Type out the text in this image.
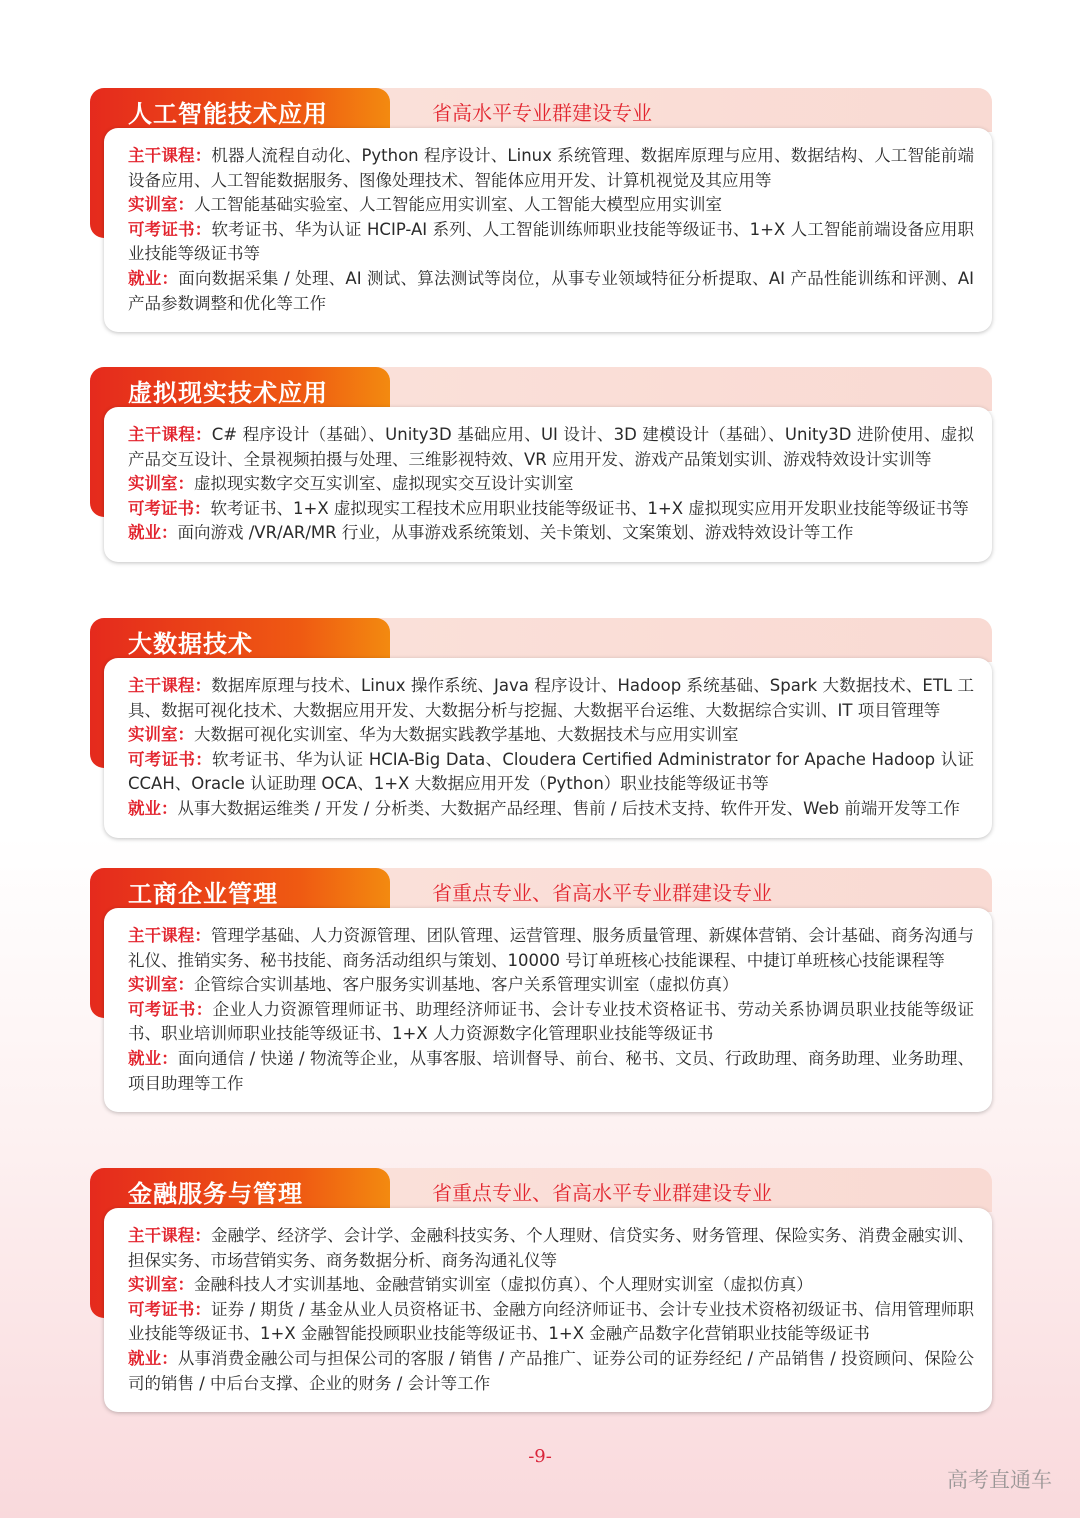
人工智能技术应用	省高水平专业群建设专业
主干课程：机器人流程自动化、Python 程序设计、Linux 系统管理、数据库原理与应用、数据结构、人工智能前端设备应用、人工智能数据服务、图像处理技术、智能体应用开发、计算机视觉及其应用等
实训室：人工智能基础实验室、人工智能应用实训室、人工智能大模型应用实训室
可考证书：软考证书、华为认证 HCIP-AI 系列、人工智能训练师职业技能等级证书、1+X 人工智能前端设备应用职业技能等级证书等
就业：面向数据采集 / 处理、AI 测试、算法测试等岗位，从事专业领域特征分析提取、AI 产品性能训练和评测、AI 产品参数调整和优化等工作
虚拟现实技术应用
主干课程：C# 程序设计（基础）、Unity3D 基础应用、UI 设计、3D 建模设计（基础）、Unity3D 进阶使用、虚拟产品交互设计、全景视频拍摄与处理、三维影视特效、VR 应用开发、游戏产品策划实训、游戏特效设计实训等
实训室：虚拟现实数字交互实训室、虚拟现实交互设计实训室
可考证书：软考证书、1+X 虚拟现实工程技术应用职业技能等级证书、1+X 虚拟现实应用开发职业技能等级证书等
就业：面向游戏 /VR/AR/MR 行业，从事游戏系统策划、关卡策划、文案策划、游戏特效设计等工作
大数据技术
主干课程：数据库原理与技术、Linux 操作系统、Java 程序设计、Hadoop 系统基础、Spark 大数据技术、ETL 工具、数据可视化技术、大数据应用开发、大数据分析与挖掘、大数据平台运维、大数据综合实训、IT 项目管理等
实训室：大数据可视化实训室、华为大数据实践教学基地、大数据技术与应用实训室
可考证书：软考证书、华为认证 HCIA-Big Data、Cloudera Certified Administrator for Apache Hadoop 认证 CCAH、Oracle 认证助理 OCA、1+X 大数据应用开发（Python）职业技能等级证书等
就业：从事大数据运维类 / 开发 / 分析类、大数据产品经理、售前 / 后技术支持、软件开发、Web 前端开发等工作
工商企业管理	省重点专业、省高水平专业群建设专业
主干课程：管理学基础、人力资源管理、团队管理、运营管理、服务质量管理、新媒体营销、会计基础、商务沟通与礼仪、推销实务、秘书技能、商务活动组织与策划、10000 号订单班核心技能课程、中捷订单班核心技能课程等
实训室：企管综合实训基地、客户服务实训基地、客户关系管理实训室（虚拟仿真）
可考证书：企业人力资源管理师证书、助理经济师证书、会计专业技术资格证书、劳动关系协调员职业技能等级证书、职业培训师职业技能等级证书、1+X 人力资源数字化管理职业技能等级证书
就业：面向通信 / 快递 / 物流等企业，从事客服、培训督导、前台、秘书、文员、行政助理、商务助理、业务助理、项目助理等工作
金融服务与管理	省重点专业、省高水平专业群建设专业
主干课程：金融学、经济学、会计学、金融科技实务、个人理财、信贷实务、财务管理、保险实务、消费金融实训、担保实务、市场营销实务、商务数据分析、商务沟通礼仪等
实训室：金融科技人才实训基地、金融营销实训室（虚拟仿真）、个人理财实训室（虚拟仿真）
可考证书：证券 / 期货 / 基金从业人员资格证书、金融方向经济师证书、会计专业技术资格初级证书、信用管理师职业技能等级证书、1+X 金融智能投顾职业技能等级证书、1+X 金融产品数字化营销职业技能等级证书
就业：从事消费金融公司与担保公司的客服 / 销售 / 产品推广、证券公司的证券经纪 / 产品销售 / 投资顾问、保险公司的销售 / 中后台支撑、企业的财务 / 会计等工作
-9-
高考直通车
